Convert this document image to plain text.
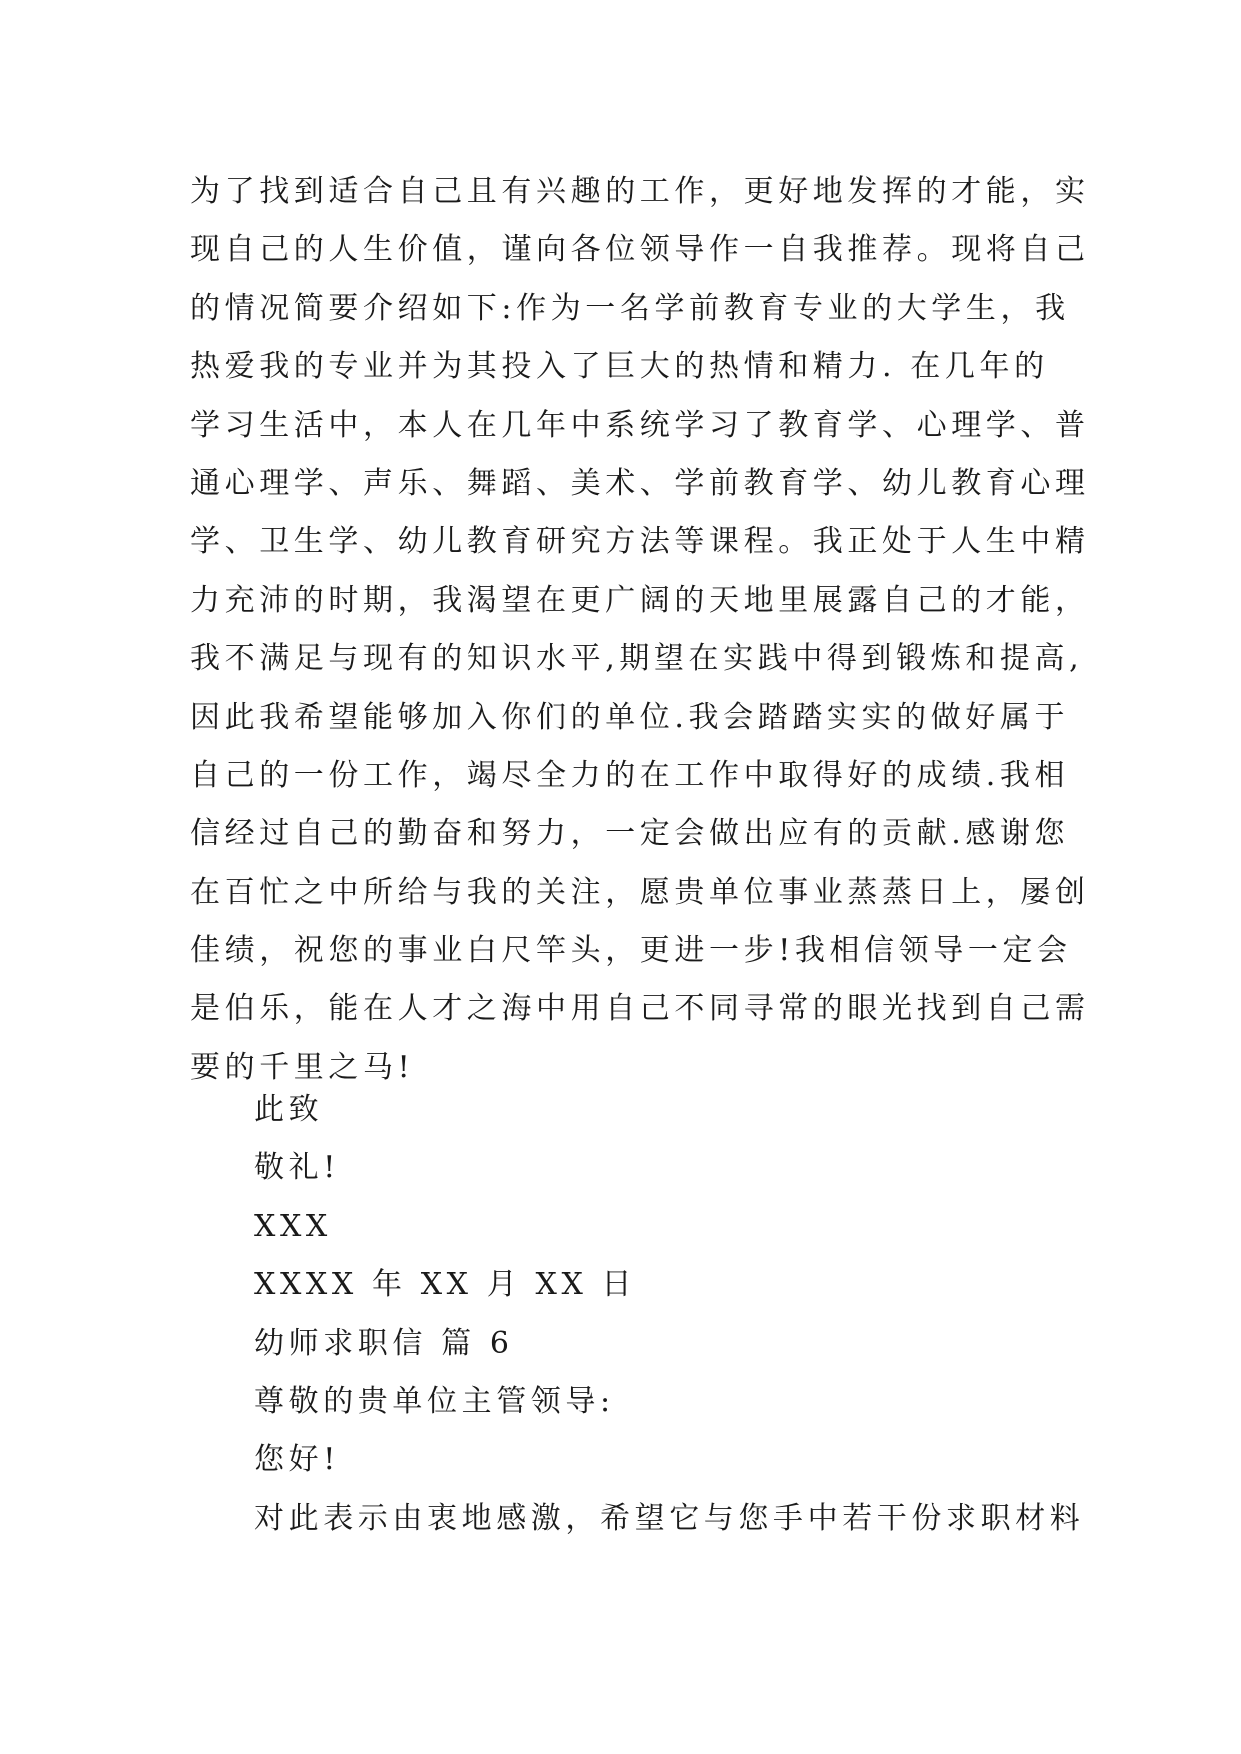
为了找到适合自己且有兴趣的工作，更好地发挥的才能，实
现自己的人生价值，谨向各位领导作一自我推荐。现将自己
的情况简要介绍如下:作为一名学前教育专业的大学生，我
热爱我的专业并为其投入了巨大的热情和精力. 在几年的
学习生活中，本人在几年中系统学习了教育学、心理学、普
通心理学、声乐、舞蹈、美术、学前教育学、幼儿教育心理
学、卫生学、幼儿教育研究方法等课程。我正处于人生中精
力充沛的时期，我渴望在更广阔的天地里展露自己的才能，
我不满足与现有的知识水平,期望在实践中得到锻炼和提高,
因此我希望能够加入你们的单位.我会踏踏实实的做好属于
自己的一份工作，竭尽全力的在工作中取得好的成绩.我相
信经过自己的勤奋和努力，一定会做出应有的贡献.感谢您
在百忙之中所给与我的关注，愿贵单位事业蒸蒸日上，屡创
佳绩，祝您的事业白尺竿头，更进一步!我相信领导一定会
是伯乐，能在人才之海中用自己不同寻常的眼光找到自己需
要的千里之马!
此致
敬礼!
XXX
XXXX 年 XX 月 XX 日
幼师求职信 篇 6
尊敬的贵单位主管领导:
您好!
对此表示由衷地感激，希望它与您手中若干份求职材料
